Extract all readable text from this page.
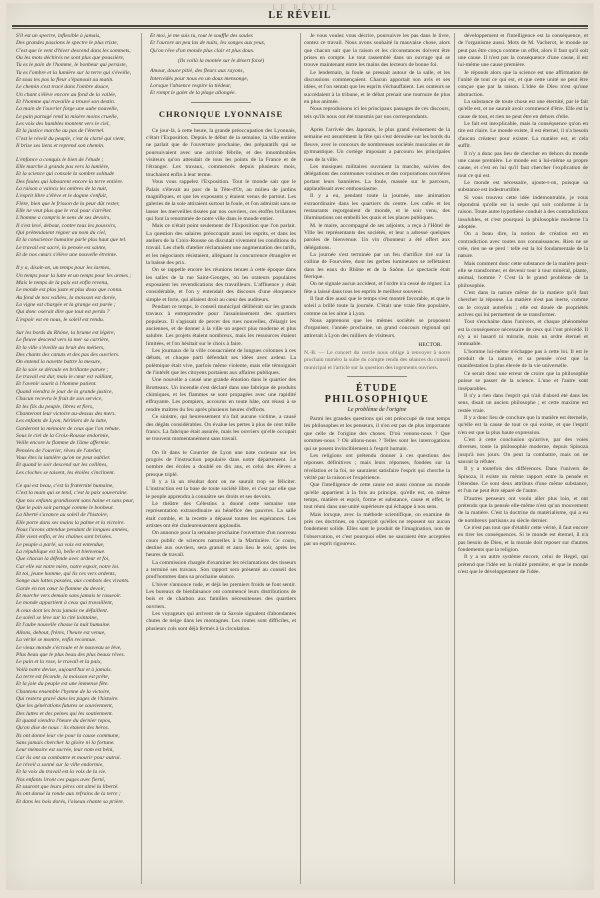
LE RÉVEIL
LE RÉVEIL

S'il est un spectre, inflexible à jamais,

Des grandes passions le spectre le plus triste,

C'est que le vent d'hiver descend dans les sommets,

Ou les mots déchirés ne sont plus que poussière,

Tu es le pain de l'homme, le bonheur qui persiste,

Tu es l'ombre et la lumière sur la terre qui s'éveille,

Et sous tes pas la fleur s'épanouit au matin.

Le chemin s'est tracé dans l'ombre douce,

Un chant s'élève encore au fond de la vallée,

Et l'homme qui travaille a trouvé son destin.

La main de l'ouvrier forge une aube nouvelle,

Le pain partagé rend la misère moins cruelle,

Les voix des humbles montent vers le ciel,

Et la justice marche au pas de l'éternel.

C'est le réveil du peuple, c'est la clarté qui vient,

Il brise ses liens et reprend son chemin.

L'enfance a conquis le bien de l'étude ;

Elle marche à grands pas vers la lumière,

Et la science qui console la sombre solitude

Des foules qui labourent encore la terre entière.

La raison a vaincu les ombres de la nuit,

L'esprit libre s'élève et le dogme s'enfuit,

Fière, bien que le frisson de la peur dût rester,

Elle ne veut plus que le vrai pour s'arrêter.

L'homme a compris le sens de ses devoirs,

Il s'est levé, debout, contre tous les pouvoirs,

Qui prétendaient régner au nom du ciel,

Et la conscience humaine parle plus haut que tel.

Le travail est sacré, la pensée est sainte,

Et de nos cœurs s'élève une nouvelle étreinte.

Il y a, disait-on, un temps pour les larmes,

Un temps pour la lutte et un temps pour les armes ;

Mais le temps de la paix est enfin revenu,

Le monde est plus juste et plus doux que connu.

Au fond de nos vallées, la moisson est dorée,

La vigne est chargée et la grange est parée ;

Qui donc oserait dire que tout est perdu ?

L'espoir est en nous, le soleil est rendu.

Sur les bords du Rhône, la brume est légère,

Le fleuve descend vers la mer sa carrière,

Et la ville s'éveille au bruit des métiers,

Des chants des canuts et des pas des ouvriers.

On entend la navette battre la mesure,

Et la soie se déroule en brillante parure ;

Le travail est dur, mais le cœur est vaillant,

Et l'avenir sourit à l'homme patient.

Quand viendra le jour de la grande justice,

Chacun recevra le fruit de son service,

Et les fils du peuple, libres et fiers,

Chanteront leur victoire au-dessus des mers.

Les enfants de Lyon, héritiers de la lutte,

Garderont la mémoire de ceux que l'on rebute.

Sous le ciel de la Croix-Rousse endormie,

Veille encore la flamme de l'âme affermie.

Pensées de l'ouvrier, rêves de l'atelier,

Vous êtes la lumière qu'on ne peut oublier.

Et quand le soir descend sur les collines,

Les cloches se taisent, les étoiles s'inclinent.

Ce qui est beau, c'est la fraternité humaine,

C'est la main qui se tend, c'est la paix souveraine.

Que nos enfants grandissent sans haine et sans peur,

Que le pain soit partagé comme le bonheur.

La liberté s'avance au soleil de l'histoire,

Elle porte dans ses mains la palme et la victoire.

Nous l'avons attendue pendant de longues années,

Elle vient enfin, et les chaînes sont brisées.

Le peuple a parlé, sa voix est entendue,

La république est là, belle et bienvenue.

Que chacun la défende avec ardeur et foi,

Car elle est notre mère, notre espoir, notre loi.

Et toi, jeune homme, qui lis ces vers ardents,

Songe aux luttes passées, aux combats des vivants.

Garde en ton cœur la flamme du devoir,

Et marche vers demain sans jamais te rasseoir.

Le monde appartient à ceux qui travaillent,

A ceux dont les bras jamais ne défaillent.

Le soleil se lève sur la cité lointaine,

Et l'aube nouvelle chasse la nuit humaine.

Allons, debout, frères, l'heure est venue,

La vérité se montre, enfin reconnue.

Le vieux monde s'écroule et le nouveau se lève,

Plus beau que le plus beau des plus beaux rêves.

Le pain et la rose, le travail et la paix,

Voilà notre devise, aujourd'hui et à jamais.

La terre est féconde, la moisson est prête,

Et la joie du peuple est une immense fête.

Chantons ensemble l'hymne de la victoire,

Qui restera gravé dans les pages de l'histoire.

Que les générations futures se souviennent,

Des luttes et des peines qui les soutiennent.

Et quand viendra l'heure du dernier repos,

Qu'on dise de nous : ils étaient des héros.

Ils ont donné leur vie pour la cause commune,

Sans jamais chercher la gloire ni la fortune.

Leur mémoire est sacrée, leur nom est béni,

Car ils ont su combattre et mourir pour autrui.

Le réveil a sonné sur la ville endormie,

Et la voix du travail est la voix de la vie.

Nos enfants liront ces pages avec fierté,

Et sauront que leurs pères ont aimé la liberté.

Ils ont dansé la ronde aux refrains de la terre ;

Et dans les bois dorés, l'oiseau chante sa prière.

Et moi, je me suis tu, tout le souffle des saules

Et l'aurore un peu las de nuits, les songes aux yeux,

Qu'on rêve d'un monde plus clair et plus doux.

(Ils voilà la montée sur le désert foisé)

Amour, douce pitié, des fleurs aux rayons,

Intercédés pour nous en un doux mensonge,

Lorsque l'absence respire la tiédeur,

Et rompt le galet de la plage allongée.

CHRONIQUE LYONNAISE

Ce jour-là, à cette heure, la grande préoccupation des Lyonnais, c'était l'Exposition. Depuis le début de la semaine, la ville entière ne parlait que de l'ouverture prochaine, des préparatifs qui se poursuivaient avec une activité fébrile, et des innombrables visiteurs qu'on attendait de tous les points de la France et de l'étranger. Les travaux, commencés depuis plusieurs mois, touchaient enfin à leur terme.

Vous vous rappelez l'Exposition. Tout le monde sait que le Palais s'élevait au parc de la Tête-d'Or, au milieu de jardins magnifiques, et que les exposants y étaient venus de partout. Les galeries de la soie attiraient surtout la foule, et l'on admirait sans se lasser les merveilles tissées par nos ouvriers, ces étoffes brillantes qui font la renommée de notre ville dans le monde entier.

Mais ce n'était point seulement de l'Exposition que l'on parlait. La question des salaires préoccupait aussi les esprits, et dans les ateliers de la Croix-Rousse on discutait vivement les conditions du travail. Les chefs d'atelier réclamaient une augmentation des tarifs, et les négociants résistaient, alléguant la concurrence étrangère et la baisse des prix.

On se rappelle encore les réunions tenues à cette époque dans les salles de la rue Saint-Georges, où les orateurs populaires exposaient les revendications des travailleurs. L'affluence y était considérable, et l'on y entendait des discours d'une éloquence simple et forte, qui allaient droit au cœur des auditeurs.

Pendant ce temps, le conseil municipal délibérait sur les grands travaux à entreprendre pour l'assainissement des quartiers populeux. Il s'agissait de percer des rues nouvelles, d'élargir les anciennes, et de donner à la ville un aspect plus moderne et plus salubre. Les projets étaient nombreux, mais les ressources étaient limitées, et l'on hésitait sur le choix à faire.

Les journaux de la ville consacraient de longues colonnes à ces débats, et chaque parti défendait ses idées avec ardeur. La polémique était vive, parfois même violente, mais elle témoignait de l'intérêt que les citoyens portaient aux affaires publiques.

Une nouvelle a causé une grande émotion dans le quartier des Brotteaux. Un incendie s'est déclaré dans une fabrique de produits chimiques, et les flammes se sont propagées avec une rapidité effrayante. Les pompiers, accourus en toute hâte, ont réussi à se rendre maîtres du feu après plusieurs heures d'efforts.

Ce sinistre, qui heureusement n'a fait aucune victime, a causé des dégâts considérables. On évalue les pertes à plus de cent mille francs. La fabrique était assurée, mais les ouvriers qu'elle occupait se trouvent momentanément sans travail.

On lit dans le Courrier de Lyon une note curieuse sur les progrès de l'instruction populaire dans notre département. Le nombre des écoles a doublé en dix ans, et celui des élèves a presque triplé.

Il y a là un résultat dont on ne saurait trop se féliciter. L'instruction est la base de toute société libre, et c'est par elle que le peuple apprendra à connaître ses droits et ses devoirs.

Le théâtre des Célestins a donné cette semaine une représentation extraordinaire au bénéfice des pauvres. La salle était comble, et la recette a dépassé toutes les espérances. Les artistes ont été chaleureusement applaudis.

On annonce pour la semaine prochaine l'ouverture d'un nouveau cours public de sciences naturelles à la Martinière. Ce cours, destiné aux ouvriers, sera gratuit et aura lieu le soir, après les heures de travail.

La commission chargée d'examiner les réclamations des tisseurs a terminé ses travaux. Son rapport sera présenté au conseil des prud'hommes dans sa prochaine séance.

L'hiver s'annonce rude, et déjà les premiers froids se font sentir. Les bureaux de bienfaisance ont commencé leurs distributions de bois et de charbon aux familles nécessiteuses des quartiers ouvriers.

Les voyageurs qui arrivent de la Savoie signalent d'abondantes chutes de neige dans les montagnes. Les routes sont difficiles, et plusieurs cols sont déjà fermés à la circulation.

Je vous voulez vous décrire, poursuivre les pas dans le livre, contez ce travail. Nous avons souhaité la mauvaise chose, alors que chacun sait que la raison et les circonstances doivent être prises en compte. Le tout rassemblé dans un ouvrage qui se trouve maintenant entre les mains des lecteurs de bonne foi.

Le lendemain, la foule se pressait autour de la salle, et les discussions commençaient. Chacun apportait son avis et ses idées, et l'on sentait que les esprits s'échauffaient. Les orateurs se succédaient à la tribune, et le débat prenait une tournure de plus en plus animée.

Nous reproduisons ici les principaux passages de ces discours, tels qu'ils nous ont été transmis par nos correspondants.

Après l'arrivée des Japonais, le plus grand événement de la semaine est assurément la fête qui s'est déroulée sur les bords du fleuve, avec le concours de nombreuses sociétés musicales et de gymnastique. Un cortège imposant a parcouru les principales rues de la ville.

Les musiques militaires ouvraient la marche, suivies des délégations des communes voisines et des corporations ouvrières portant leurs bannières. La foule, massée sur le parcours, applaudissait avec enthousiasme.

Il y a eu, pendant toute la journée, une animation extraordinaire dans les quartiers du centre. Les cafés et les restaurants regorgeaient de monde, et le soir venu, des illuminations ont embelli les quais et les places publiques.

M. le maire, accompagné de ses adjoints, a reçu à l'Hôtel de Ville les représentants des sociétés, et leur a adressé quelques paroles de bienvenue. Un vin d'honneur a été offert aux délégations.

La journée s'est terminée par un feu d'artifice tiré sur la colline de Fourvière, dont les gerbes lumineuses se reflétaient dans les eaux du Rhône et de la Saône. Le spectacle était féerique.

On ne signale aucun accident, et l'ordre n'a cessé de régner. La fête a laissé dans tous les esprits le meilleur souvenir.

Il faut dire aussi que le temps s'est montré favorable, et que le soleil a brillé toute la journée. C'était une vraie fête populaire, comme on les aime à Lyon.

Nous apprenons que les mêmes sociétés se proposent d'organiser, l'année prochaine, un grand concours régional qui attirerait à Lyon des milliers de visiteurs.

HECTOR.

N.-B. — Le concert du cercle nous oblige à renvoyer à notre prochain numéro la suite du compte rendu des séances du conseil municipal et l'article sur la question des logements ouvriers.

ÉTUDE PHILOSOPHIQUE
Le problème de l'origine

Parmi les grandes questions qui ont préoccupé de tout temps les philosophes et les penseurs, il n'en est pas de plus importante que celle de l'origine des choses. D'où venons-nous ? Que sommes-nous ? Où allons-nous ? Telles sont les interrogations qui se posent invinciblement à l'esprit humain.

Les religions ont prétendu donner à ces questions des réponses définitives ; mais leurs réponses, fondées sur la révélation et la foi, ne sauraient satisfaire l'esprit qui cherche la vérité par la raison et l'expérience.

Que l'intelligence de cette cause est aussi connue au monde qu'elle appartient à la fois au principe, qu'elle est, en même temps, matière et esprit, forme et substance, cause et effet, le tout réuni dans une unité supérieure qui échappe à nos sens.

Mais lorsque, avec la méthode scientifique, on examine de près ces doctrines, on s'aperçoit qu'elles ne reposent sur aucun fondement solide. Elles sont le produit de l'imagination, non de l'observation, et c'est pourquoi elles ne sauraient être acceptées par un esprit rigoureux.

développement et l'intelligence est la conséquence, et de l'organisme aussi. Mots de M. Vacherot, le monde ne peut pas être conçu comme un effet, alors il faut qu'il soit une cause. Il n'est pas la conséquence d'une cause, il est lui-même une cause première.

Je réponds alors que la science est une affirmation de l'unité de tout ce qui est, et que cette unité ne peut être conçue que par la raison. L'idée de Dieu n'est qu'une abstraction.

La substance de toute chose est une éternité, par le fait qu'elle est, et ne saurait avoir commencé d'être. Elle est la cause de tout, et rien ne peut être en dehors d'elle.

Le fait est inexplicable, mais la conséquence qu'on en tire est claire. Le monde existe, il est éternel, il n'a besoin d'aucun créateur pour exister. La matière est, et cela suffit.

Il n'y a donc pas lieu de chercher en dehors du monde une cause première. Le monde est à lui-même sa propre cause, et c'est en lui qu'il faut chercher l'explication de tout ce qui est.

Le monde est nécessaire, ajoute-t-on, puisque sa substance est indestructible.

Si vous trouvez cette idée indémontrable, je vous répondrai qu'elle est la seule qui soit conforme à la raison. Toute autre hypothèse conduit à des contradictions insolubles, et c'est pourquoi la philosophie moderne l'a adoptée.

On a beau dire, la notion de création est en contradiction avec toutes nos connaissances. Rien ne se crée, rien ne se perd : telle est la loi fondamentale de la nature.

Mais comment donc cette substance de la matière peut-elle se transformer, et devenir tour à tour minéral, plante, animal, homme ? C'est là le grand problème de la philosophie.

C'est dans la nature même de la matière qu'il faut chercher la réponse. La matière n'est pas inerte, comme on le croyait autrefois ; elle est douée de propriétés actives qui lui permettent de se transformer.

Tout s'enchaîne dans l'univers, et chaque phénomène est la conséquence nécessaire de ceux qui l'ont précédé. Il n'y a ni hasard ni miracle, mais un ordre éternel et immuable.

L'homme lui-même n'échappe pas à cette loi. Il est le produit de la nature, et sa pensée n'est que la manifestation la plus élevée de la vie universelle.

Ce serait donc une erreur de croire que la philosophie puisse se passer de la science. L'une et l'autre sont inséparables.

Il n'y a rien dans l'esprit qui n'ait d'abord été dans les sens, disait un ancien philosophe ; et cette maxime est restée vraie.

Il y a donc lieu de conclure que la matière est éternelle, qu'elle est la cause de tout ce qui existe, et que l'esprit n'en est que la plus haute expression.

C'est à cette conclusion qu'arrive, par des voies diverses, toute la philosophie moderne, depuis Spinoza jusqu'à nos jours. On peut la combattre, mais on ne saurait la réfuter.

Il y a toutefois des différences. Dans l'univers de Spinoza, il existe un même rapport entre la pensée et l'étendue. Ce sont deux attributs d'une même substance, et l'un ne peut être séparé de l'autre.

D'autres penseurs ont voulu aller plus loin, et ont prétendu que la pensée elle-même n'est qu'un mouvement de la matière. C'est la doctrine du matérialisme, qui a eu de nombreux partisans au siècle dernier.

Ce n'est pas tout que d'établir cette vérité, il faut encore en tirer les conséquences. Si le monde est éternel, il n'a pas besoin de Dieu, et la morale doit reposer sur d'autres fondements que la religion.

Il y a un autre système encore, celui de Hegel, qui prétend que l'idée est la réalité première, et que le monde n'est que le développement de l'idée.
